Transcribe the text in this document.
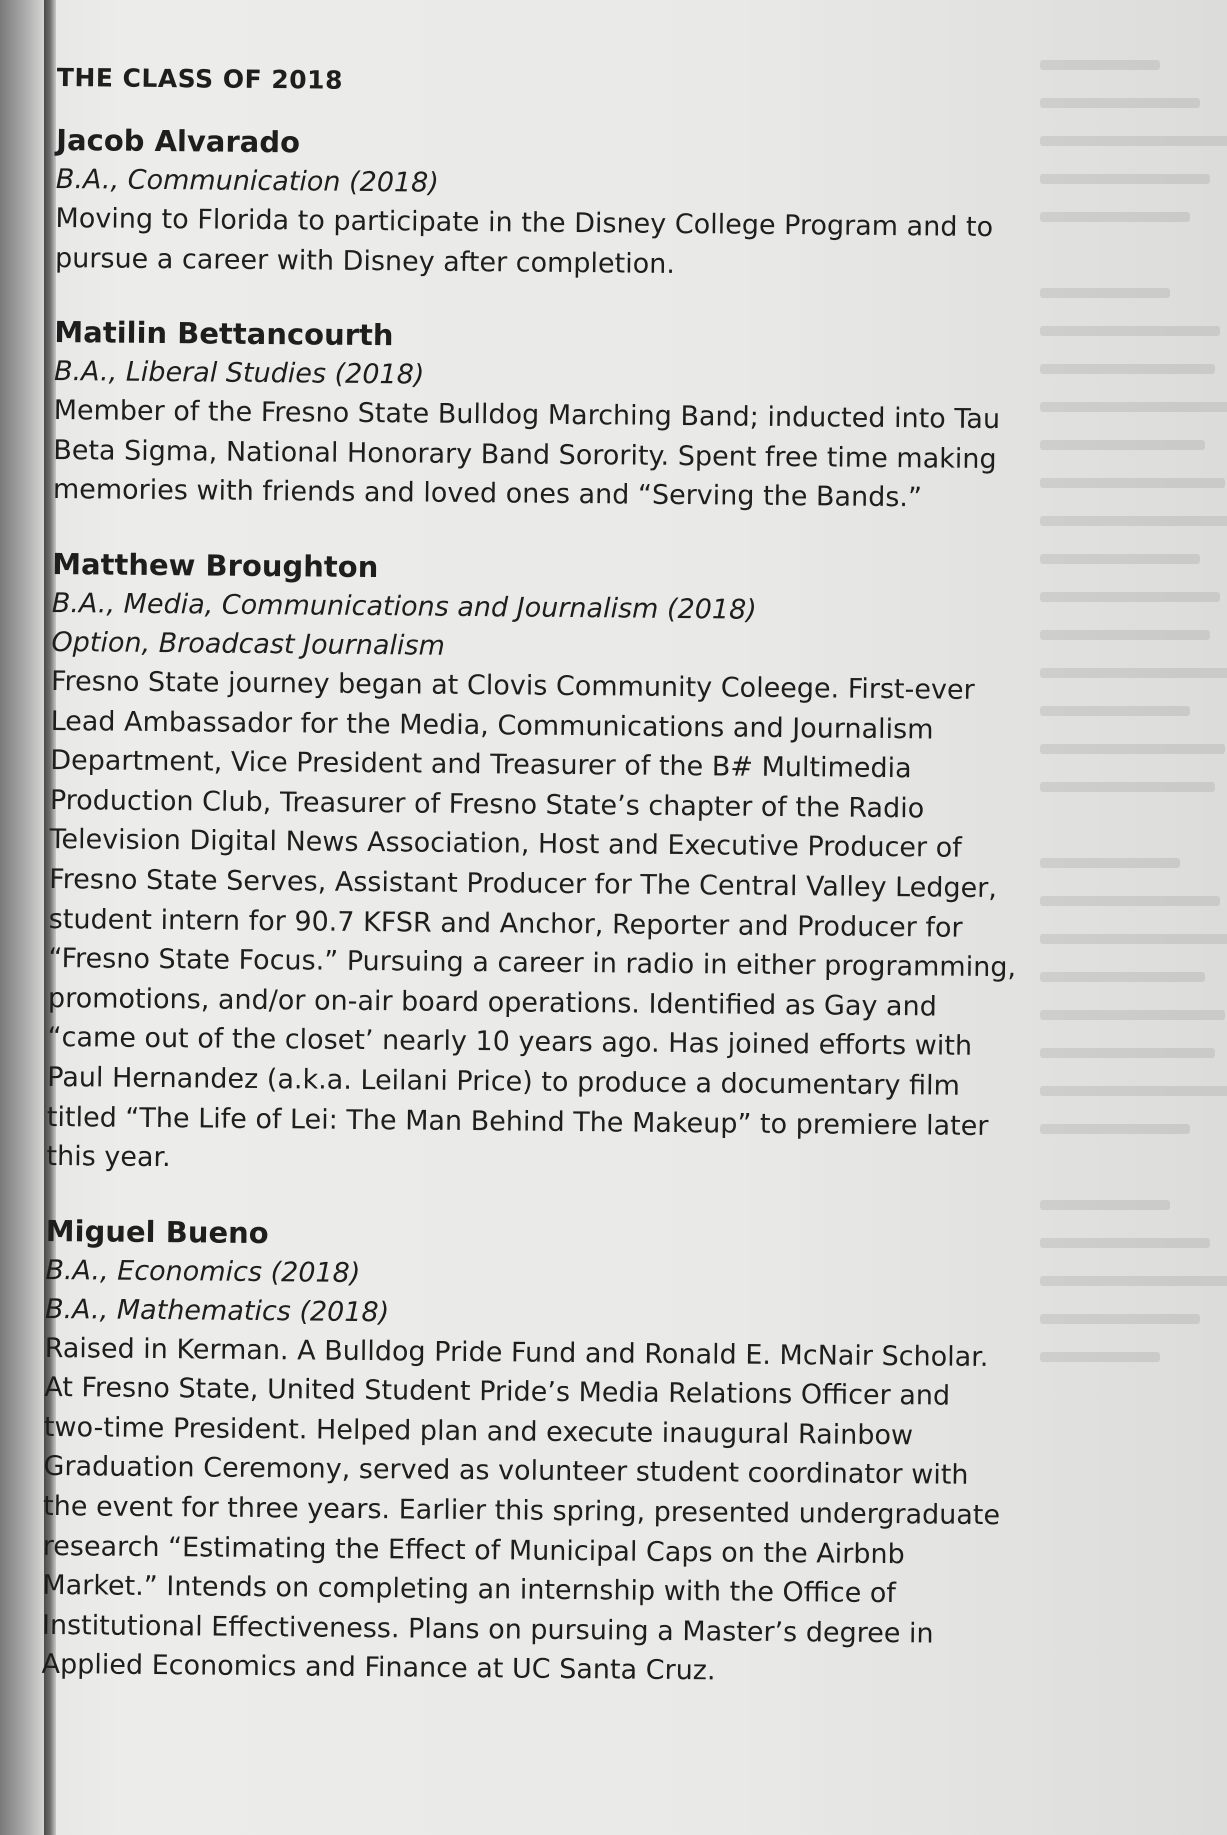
THE CLASS OF 2018
Jacob Alvarado
B.A., Communication (2018)
Moving to Florida to participate in the Disney College Program and to
pursue a career with Disney after completion.
Matilin Bettancourth
B.A., Liberal Studies (2018)
Member of the Fresno State Bulldog Marching Band; inducted into Tau
Beta Sigma, National Honorary Band Sorority. Spent free time making
memories with friends and loved ones and “Serving the Bands.”
Matthew Broughton
B.A., Media, Communications and Journalism (2018)
Option, Broadcast Journalism
Fresno State journey began at Clovis Community Coleege. First-ever
Lead Ambassador for the Media, Communications and Journalism
Department, Vice President and Treasurer of the B# Multimedia
Production Club, Treasurer of Fresno State’s chapter of the Radio
Television Digital News Association, Host and Executive Producer of
Fresno State Serves, Assistant Producer for The Central Valley Ledger,
student intern for 90.7 KFSR and Anchor, Reporter and Producer for
“Fresno State Focus.” Pursuing a career in radio in either programming,
promotions, and/or on-air board operations. Identified as Gay and
“came out of the closet’ nearly 10 years ago. Has joined efforts with
Paul Hernandez (a.k.a. Leilani Price) to produce a documentary film
titled “The Life of Lei: The Man Behind The Makeup” to premiere later
this year.
Miguel Bueno
B.A., Economics (2018)
B.A., Mathematics (2018)
Raised in Kerman. A Bulldog Pride Fund and Ronald E. McNair Scholar.
At Fresno State, United Student Pride’s Media Relations Officer and
two-time President. Helped plan and execute inaugural Rainbow
Graduation Ceremony, served as volunteer student coordinator with
the event for three years. Earlier this spring, presented undergraduate
research “Estimating the Effect of Municipal Caps on the Airbnb
Market.” Intends on completing an internship with the Office of
Institutional Effectiveness. Plans on pursuing a Master’s degree in
Applied Economics and Finance at UC Santa Cruz.
